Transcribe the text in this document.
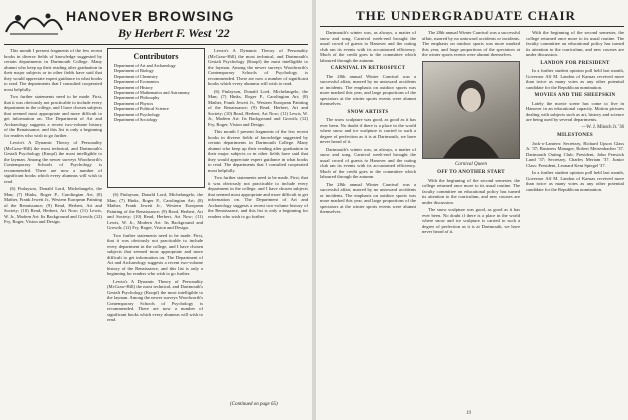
HANOVER BROWSING
By Herbert F. West '22

This month I present fragments of the few recent books in diverse fields of knowledge suggested by certain departments in Dartmouth College. Many alumni who keep up their reading after graduation in their major subjects or in other fields have said that they would appreciate expert guidance in what books to read. The departments that I consulted cooperated most helpfully.

Two further statements need to be made. First, that it was obviously not practicable to include every department in the college, and I have chosen subjects that seemed most appropriate and more difficult to get information on. The Department of Art and Archaeology suggests a recent two-volume history of the Renaissance, and this list is only a beginning for readers who wish to go further.

Lewin's A Dynamic Theory of Personality (McGraw-Hill) the most technical, and Dartmouth's Gestalt Psychology (Knopf) the most intelligible to the layman. Among the newer surveys Woodworth's Contemporary Schools of Psychology is recommended. There are now a number of significant books which every alumnus will wish to read.

(6) Finlayson, Donald Lord, Michelangelo, the Man; (7) Hinks, Roger P., Carolingian Art; (8) Mather, Frank Jewett Jr., Western European Painting of the Renaissance; (9) Read, Herbert, Art and Society; (10) Read, Herbert, Art Now; (11) Lewis, W. Jr., Modern Art: Its Background and Growth; (12) Fry, Roger, Vision and Design.

Contributors
Department of Art and Archaeology
Department of Biology
Department of Chemistry
Department of Economics
Department of History
Department of Mathematics and Astronomy
Department of Philosophy
Department of Physics
Department of Political Science
Department of Psychology
Department of Sociology

(6) Finlayson, Donald Lord, Michelangelo, the Man; (7) Hinks, Roger P., Carolingian Art; (8) Mather, Frank Jewett Jr., Western European Painting of the Renaissance; (9) Read, Herbert, Art and Society; (10) Read, Herbert, Art Now; (11) Lewis, W. Jr., Modern Art: Its Background and Growth; (12) Fry, Roger, Vision and Design.

Two further statements need to be made. First, that it was obviously not practicable to include every department in the college, and I have chosen subjects that seemed most appropriate and more difficult to get information on. The Department of Art and Archaeology suggests a recent two-volume history of the Renaissance, and this list is only a beginning for readers who wish to go further.

Lewin's A Dynamic Theory of Personality (McGraw-Hill) the most technical, and Dartmouth's Gestalt Psychology (Knopf) the most intelligible to the layman. Among the newer surveys Woodworth's Contemporary Schools of Psychology is recommended. There are now a number of significant books which every alumnus will wish to read.

Lewin's A Dynamic Theory of Personality (McGraw-Hill) the most technical, and Dartmouth's Gestalt Psychology (Knopf) the most intelligible to the layman. Among the newer surveys Woodworth's Contemporary Schools of Psychology is recommended. There are now a number of significant books which every alumnus will wish to read.

(6) Finlayson, Donald Lord, Michelangelo, the Man; (7) Hinks, Roger P., Carolingian Art; (8) Mather, Frank Jewett Jr., Western European Painting of the Renaissance; (9) Read, Herbert, Art and Society; (10) Read, Herbert, Art Now; (11) Lewis, W. Jr., Modern Art: Its Background and Growth; (12) Fry, Roger, Vision and Design.

This month I present fragments of the few recent books in diverse fields of knowledge suggested by certain departments in Dartmouth College. Many alumni who keep up their reading after graduation in their major subjects or in other fields have said that they would appreciate expert guidance in what books to read. The departments that I consulted cooperated most helpfully.

Two further statements need to be made. First, that it was obviously not practicable to include every department in the college, and I have chosen subjects that seemed most appropriate and more difficult to get information on. The Department of Art and Archaeology suggests a recent two-volume history of the Renaissance, and this list is only a beginning for readers who wish to go further.

(Continued on page 65)
THE UNDERGRADUATE CHAIR

Dartmouth's winter was, as always, a matter of snow and song. Carnival week-end brought the usual crowd of guests to Hanover and the outing club ran its events with its accustomed efficiency. Much of the credit goes to the committee which laboured through the autumn.

CARNIVAL IN RETROSPECT

The 28th annual Winter Carnival was a successful affair, marred by no untoward accidents or incidents. The emphasis on outdoor sports was more marked this year, and large proportions of the spectators at the winter sports events were alumni themselves.

SNOW ARTISTS

The snow sculpture was good, as good as it has ever been. No doubt if there is a place in the world where snow and ice sculpture is carried to such a degree of perfection as it is at Dartmouth, we have never heard of it.

Dartmouth's winter was, as always, a matter of snow and song. Carnival week-end brought the usual crowd of guests to Hanover and the outing club ran its events with its accustomed efficiency. Much of the credit goes to the committee which laboured through the autumn.

The 28th annual Winter Carnival was a successful affair, marred by no untoward accidents or incidents. The emphasis on outdoor sports was more marked this year, and large proportions of the spectators at the winter sports events were alumni themselves.

The 28th annual Winter Carnival was a successful affair, marred by no untoward accidents or incidents. The emphasis on outdoor sports was more marked this year, and large proportions of the spectators at the winter sports events were alumni themselves.

Carnival Queen
OFF TO ANOTHER START

With the beginning of the second semester, the college returned once more to its usual routine. The faculty committee on educational policy has turned its attention to the curriculum, and new courses are under discussion.

The snow sculpture was good, as good as it has ever been. No doubt if there is a place in the world where snow and ice sculpture is carried to such a degree of perfection as it is at Dartmouth, we have never heard of it.

With the beginning of the second semester, the college returned once more to its usual routine. The faculty committee on educational policy has turned its attention to the curriculum, and new courses are under discussion.

LANDON FOR PRESIDENT

In a further student opinion poll held last month, Governor Alf M. Landon of Kansas received more than twice as many votes as any other potential candidate for the Republican nomination.

MOVIES AND THE SHEEPSKIN

Lately the movie scene has come to live in Hanover in an educational capacity. Motion pictures dealing with subjects such as art, history and science are being used by several departments.

—W. J. Minsch Jr. '36
MILESTONES

Jack-o-Lantern: Secretary, Richard Upson Glass Jr. '37; Business Manager, Robert Meisenbacher '37. Dartmouth Outing Club: President, John Fenwick Lund '37; Secretary, Charles Meriam '37. Junior Class: President, Leonard Kent Spiegel '37.

In a further student opinion poll held last month, Governor Alf M. Landon of Kansas received more than twice as many votes as any other potential candidate for the Republican nomination.

19
